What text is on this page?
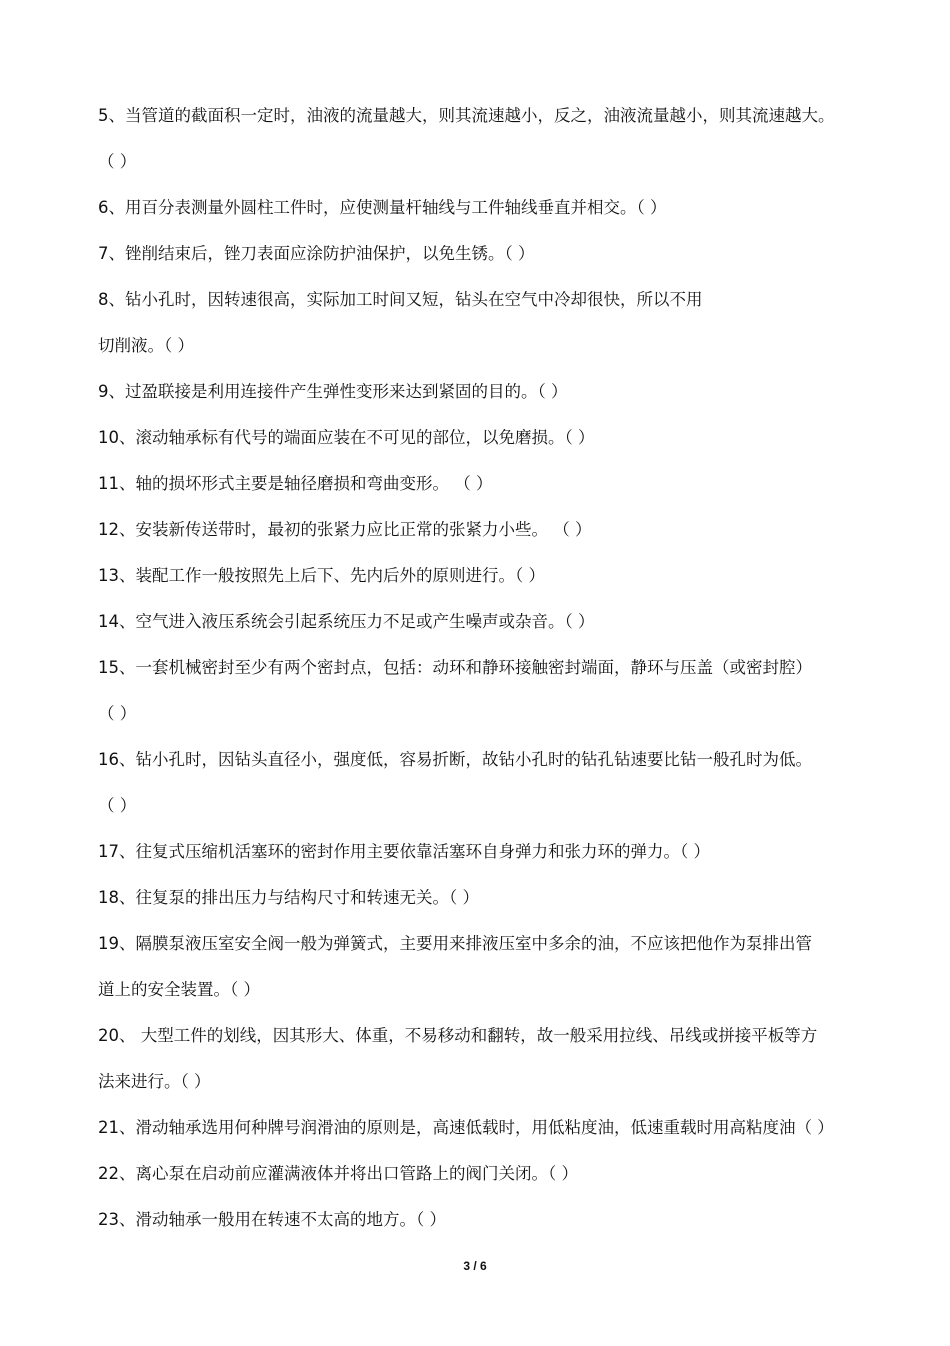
5、当管道的截面积一定时，油液的流量越大，则其流速越小，反之，油液流量越小，则其流速越大。
（ ）
6、用百分表测量外圆柱工件时，应使测量杆轴线与工件轴线垂直并相交。（ ）
7、锉削结束后，锉刀表面应涂防护油保护，以免生锈。（ ）
8、钻小孔时，因转速很高，实际加工时间又短，钻头在空气中冷却很快，所以不用
切削液。（ ）
9、过盈联接是利用连接件产生弹性变形来达到紧固的目的。（ ）
10、滚动轴承标有代号的端面应装在不可见的部位，以免磨损。（ ）
11、轴的损坏形式主要是轴径磨损和弯曲变形。 （ ）
12、安装新传送带时，最初的张紧力应比正常的张紧力小些。 （ ）
13、装配工作一般按照先上后下、先内后外的原则进行。（ ）
14、空气进入液压系统会引起系统压力不足或产生噪声或杂音。（ ）
15、一套机械密封至少有两个密封点，包括：动环和静环接触密封端面，静环与压盖（或密封腔）
（ ）
16、钻小孔时，因钻头直径小，强度低，容易折断，故钻小孔时的钻孔钻速要比钻一般孔时为低。
（ ）
17、往复式压缩机活塞环的密封作用主要依靠活塞环自身弹力和张力环的弹力。（ ）
18、往复泵的排出压力与结构尺寸和转速无关。（ ）
19、隔膜泵液压室安全阀一般为弹簧式，主要用来排液压室中多余的油，不应该把他作为泵排出管
道上的安全装置。（ ）
20、 大型工件的划线，因其形大、体重，不易移动和翻转，故一般采用拉线、吊线或拼接平板等方
法来进行。（ ）
21、滑动轴承选用何种牌号润滑油的原则是，高速低载时，用低粘度油，低速重载时用高粘度油（ ）
22、离心泵在启动前应灌满液体并将出口管路上的阀门关闭。（ ）
23、滑动轴承一般用在转速不太高的地方。（ ）
3 / 6
